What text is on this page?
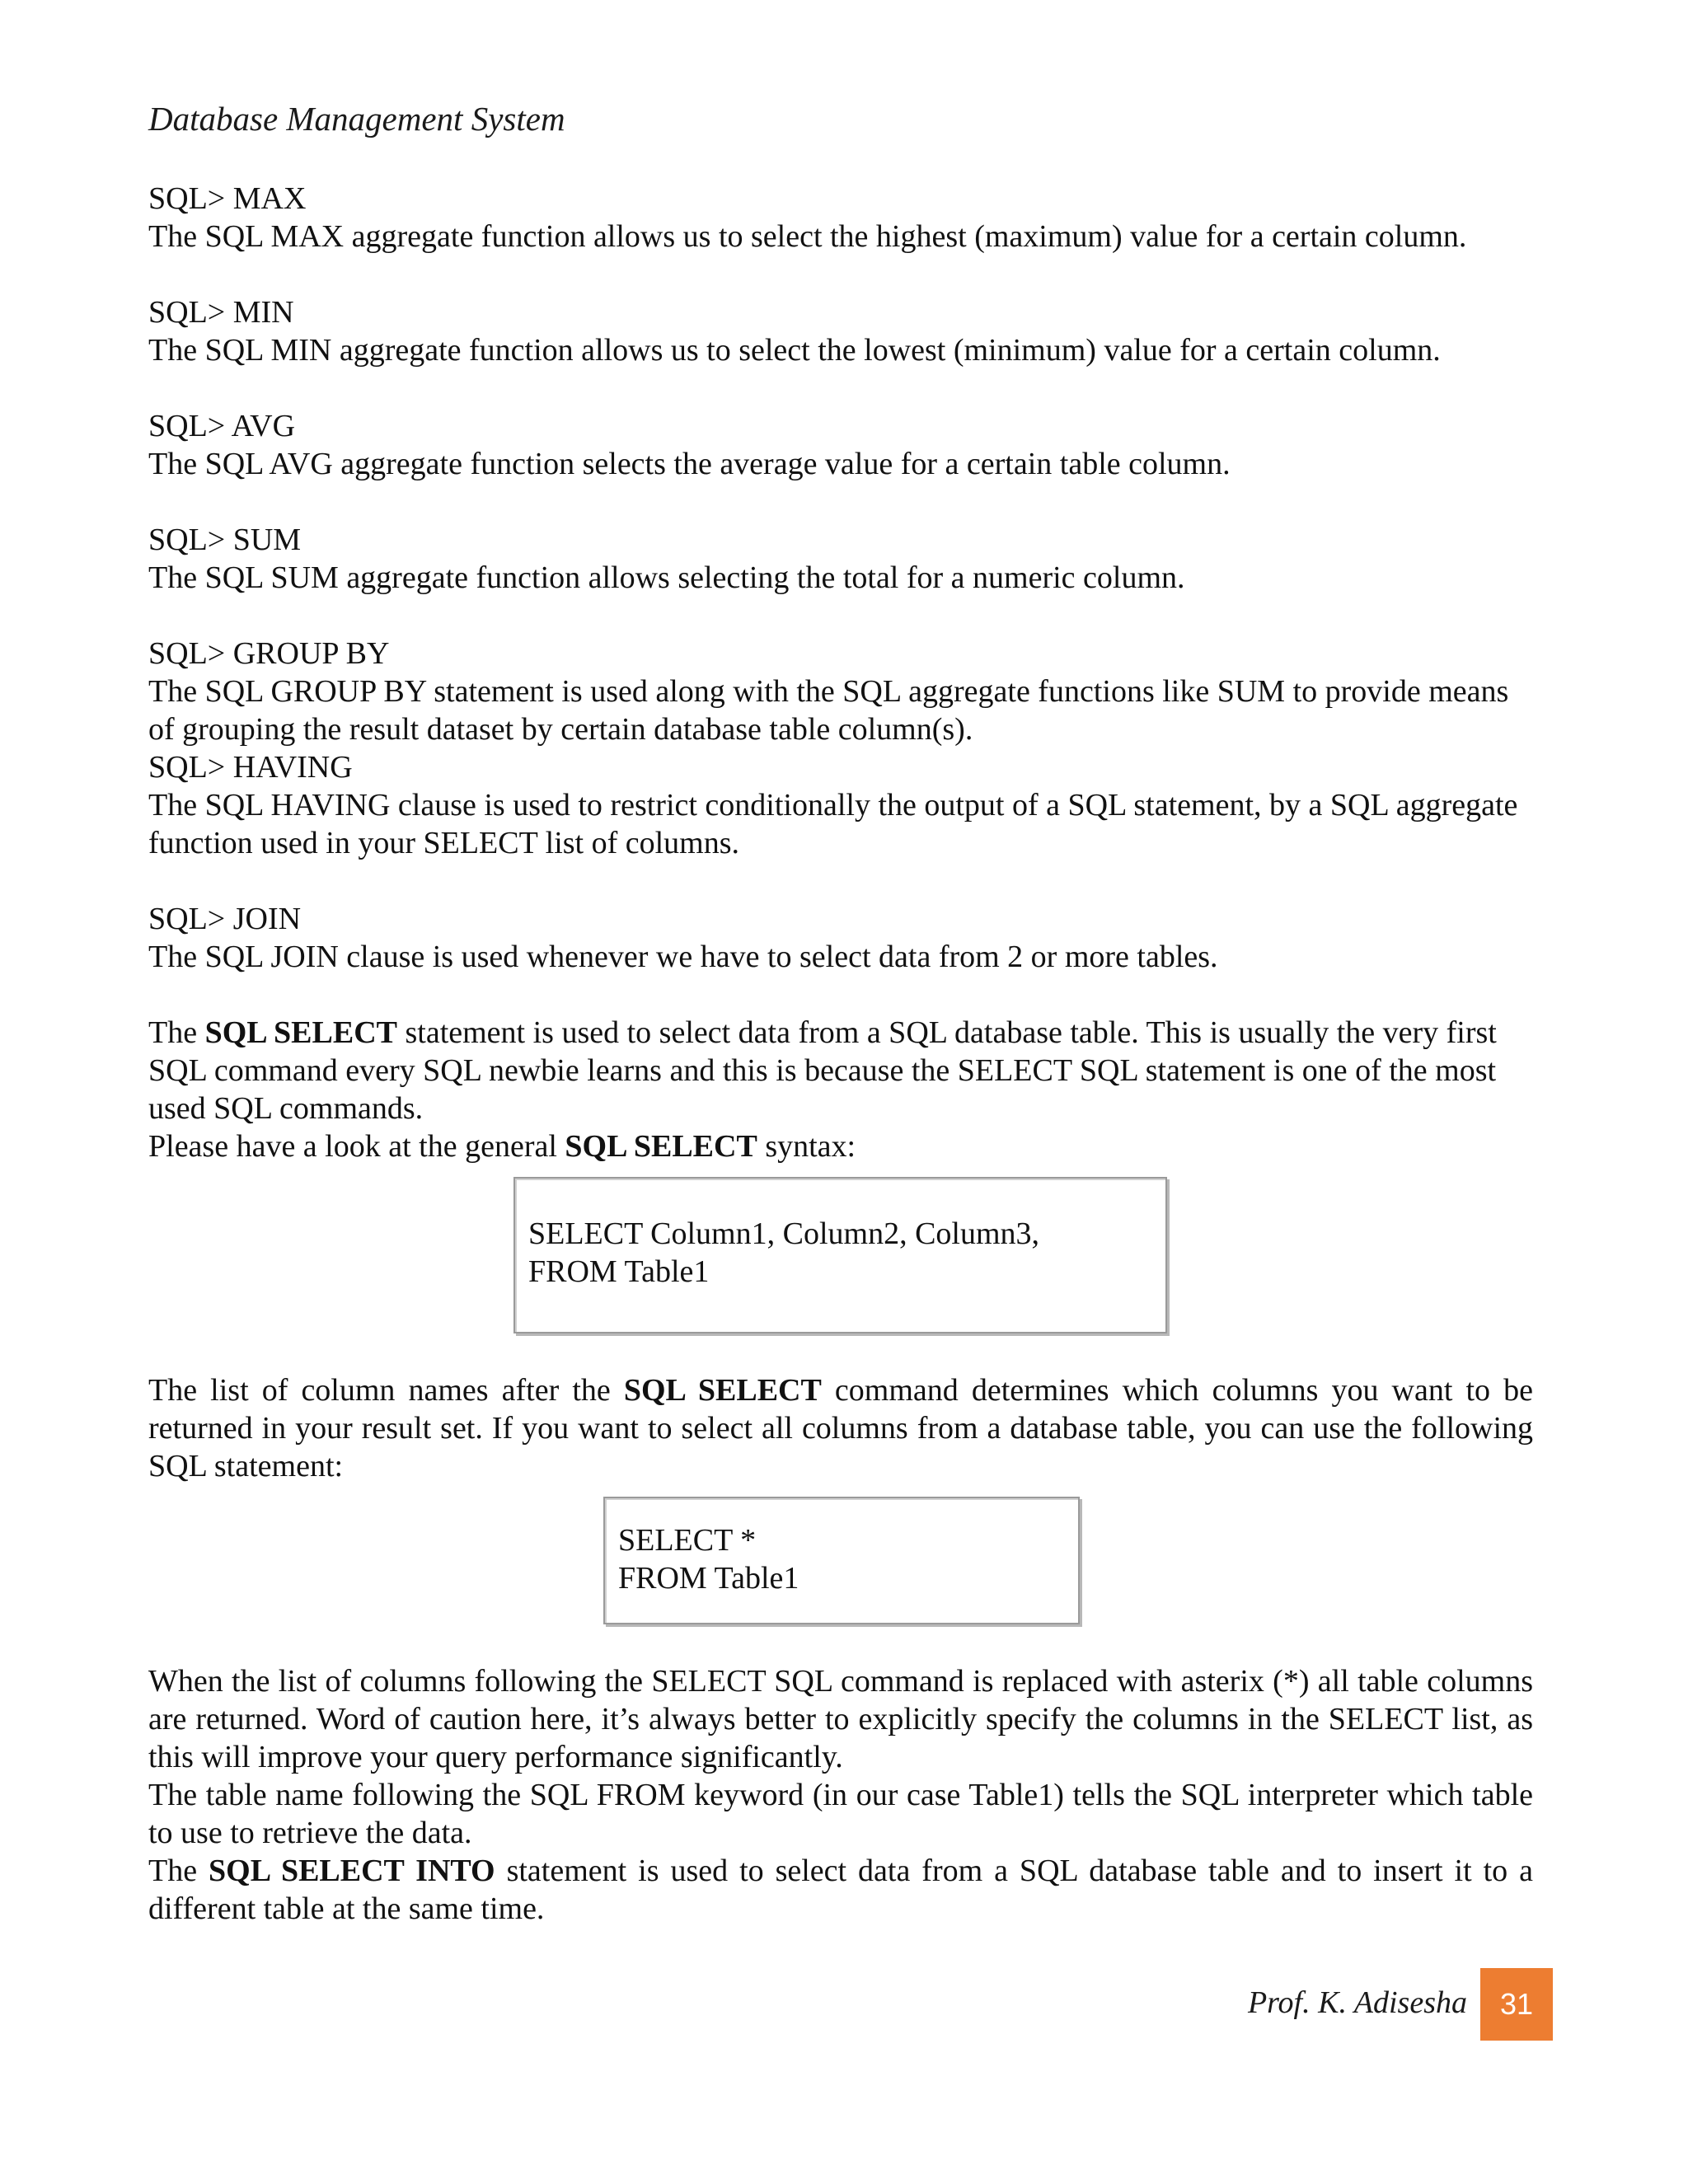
Database Management System

SQL> MAX

The SQL MAX aggregate function allows us to select the highest (maximum) value for a certain column.

SQL> MIN

The SQL MIN aggregate function allows us to select the lowest (minimum) value for a certain column.

SQL> AVG

The SQL AVG aggregate function selects the average value for a certain table column.

SQL> SUM

The SQL SUM aggregate function allows selecting the total for a numeric column.

SQL> GROUP BY

The SQL GROUP BY statement is used along with the SQL aggregate functions like SUM to provide means of grouping the result dataset by certain database table column(s).

SQL> HAVING

The SQL HAVING clause is used to restrict conditionally the output of a SQL statement, by a SQL aggregate function used in your SELECT list of columns.

SQL> JOIN

The SQL JOIN clause is used whenever we have to select data from 2 or more tables.

The SQL SELECT statement is used to select data from a SQL database table. This is usually the very first SQL command every SQL newbie learns and this is because the SELECT SQL statement is one of the most used SQL commands.

Please have a look at the general SQL SELECT syntax:

SELECT Column1, Column2, Column3,
FROM Table1

The list of column names after the SQL SELECT command determines which columns you want to be returned in your result set. If you want to select all columns from a database table, you can use the following SQL statement:

SELECT *
FROM Table1

When the list of columns following the SELECT SQL command is replaced with asterix (*) all table columns are returned. Word of caution here, it’s always better to explicitly specify the columns in the SELECT list, as this will improve your query performance significantly.

The table name following the SQL FROM keyword (in our case Table1) tells the SQL interpreter which table to use to retrieve the data.

The SQL SELECT INTO statement is used to select data from a SQL database table and to insert it to a different table at the same time.

Prof. K. Adisesha	31
